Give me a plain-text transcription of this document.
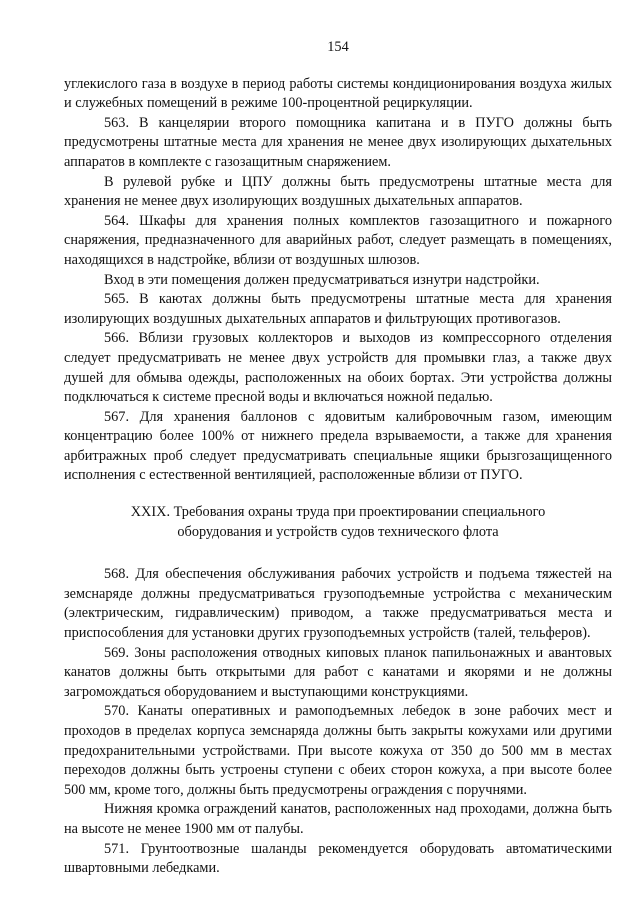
154

углекислого газа в воздухе в период работы системы кондиционирования воздуха жилых и служебных помещений в режиме 100-процентной рециркуляции.

563. В канцелярии второго помощника капитана и в ПУГО должны быть предусмотрены штатные места для хранения не менее двух изолирующих дыхательных аппаратов в комплекте с газозащитным снаряжением.

В рулевой рубке и ЦПУ должны быть предусмотрены штатные места для хранения не менее двух изолирующих воздушных дыхательных аппаратов.

564. Шкафы для хранения полных комплектов газозащитного и пожарного снаряжения, предназначенного для аварийных работ, следует размещать в помещениях, находящихся в надстройке, вблизи от воздушных шлюзов.

Вход в эти помещения должен предусматриваться изнутри надстройки.

565. В каютах должны быть предусмотрены штатные места для хранения изолирующих воздушных дыхательных аппаратов и фильтрующих противогазов.

566. Вблизи грузовых коллекторов и выходов из компрессорного отделения следует предусматривать не менее двух устройств для промывки глаз, а также двух душей для обмыва одежды, расположенных на обоих бортах. Эти устройства должны подключаться к системе пресной воды и включаться ножной педалью.

567. Для хранения баллонов с ядовитым калибровочным газом, имеющим концентрацию более 100% от нижнего предела взрываемости, а также для хранения арбитражных проб следует предусматривать специальные ящики брызгозащищенного исполнения с естественной вентиляцией, расположенные вблизи от ПУГО.

XXIX. Требования охраны труда при проектировании специального оборудования и устройств судов технического флота

568. Для обеспечения обслуживания рабочих устройств и подъема тяжестей на земснаряде должны предусматриваться грузоподъемные устройства с механическим (электрическим, гидравлическим) приводом, а также предусматриваться места и приспособления для установки других грузоподъемных устройств (талей, тельферов).

569. Зоны расположения отводных киповых планок папильонажных и авантовых канатов должны быть открытыми для работ с канатами и якорями и не должны загромождаться оборудованием и выступающими конструкциями.

570. Канаты оперативных и рамоподъемных лебедок в зоне рабочих мест и проходов в пределах корпуса земснаряда должны быть закрыты кожухами или другими предохранительными устройствами. При высоте кожуха от 350 до 500 мм в местах переходов должны быть устроены ступени с обеих сторон кожуха, а при высоте более 500 мм, кроме того, должны быть предусмотрены ограждения с поручнями.

Нижняя кромка ограждений канатов, расположенных над проходами, должна быть на высоте не менее 1900 мм от палубы.

571. Грунтоотвозные шаланды рекомендуется оборудовать автоматическими швартовными лебедками.
